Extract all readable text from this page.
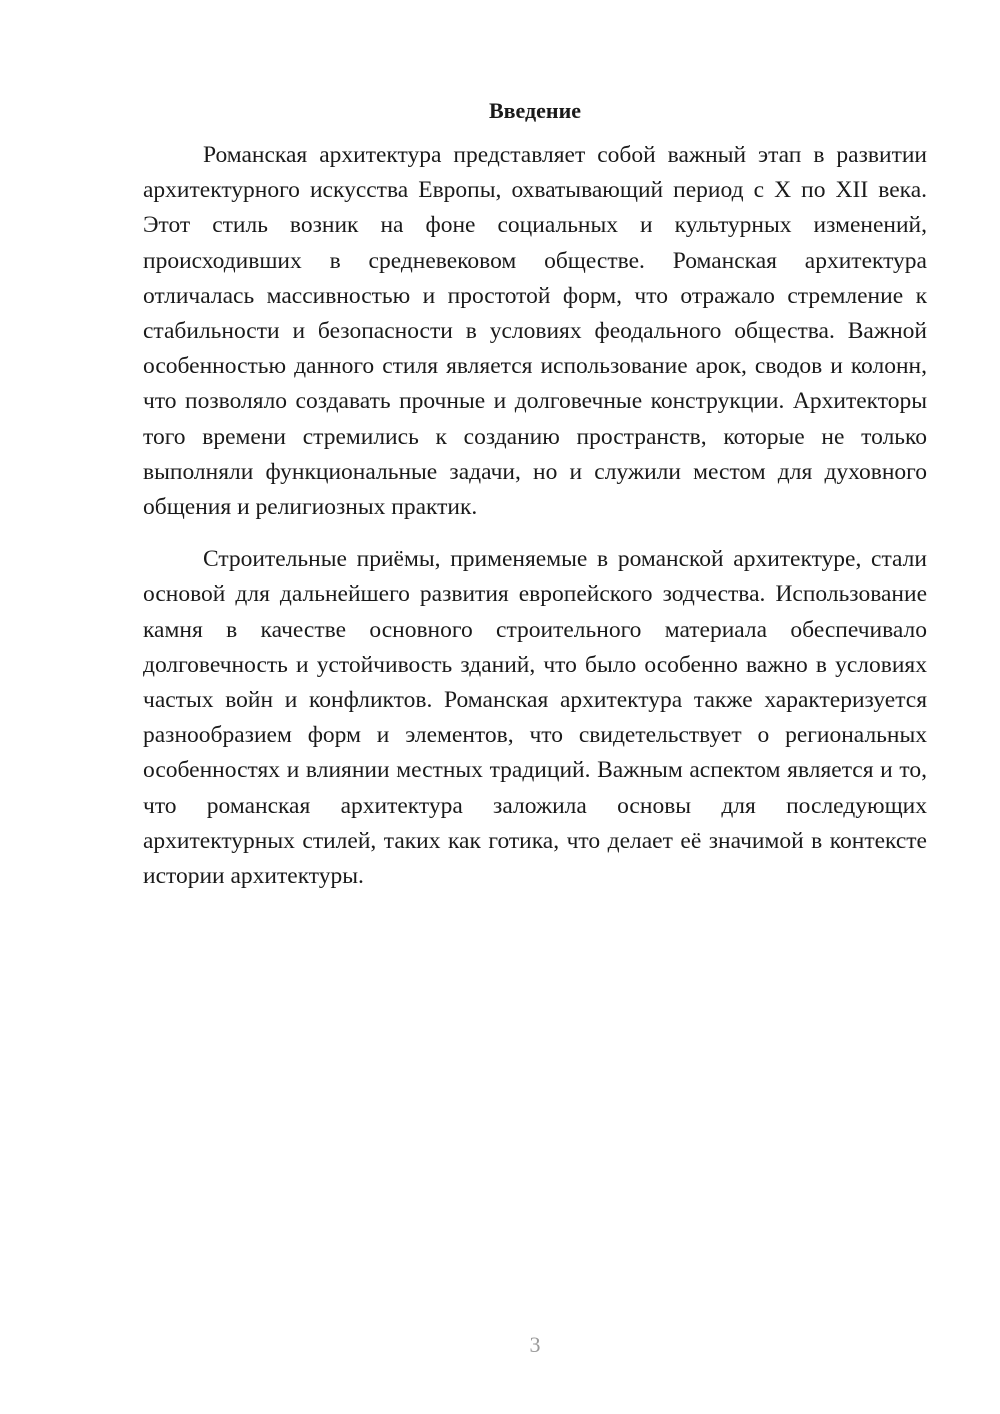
Введение

Романская архитектура представляет собой важный этап в развитии архитектурного искусства Европы, охватывающий период с X по XII века. Этот стиль возник на фоне социальных и культурных изменений, происходивших в средневековом обществе. Романская архитектура отличалась массивностью и простотой форм, что отражало стремление к стабильности и безопасности в условиях феодального общества. Важной особенностью данного стиля является использование арок, сводов и колонн, что позволяло создавать прочные и долговечные конструкции. Архитекторы того времени стремились к созданию пространств, которые не только выполняли функциональные задачи, но и служили местом для духовного общения и религиозных практик.

Строительные приёмы, применяемые в романской архитектуре, стали основой для дальнейшего развития европейского зодчества. Использование камня в качестве основного строительного материала обеспечивало долговечность и устойчивость зданий, что было особенно важно в условиях частых войн и конфликтов. Романская архитектура также характеризуется разнообразием форм и элементов, что свидетельствует о региональных особенностях и влиянии местных традиций. Важным аспектом является и то, что романская архитектура заложила основы для последующих архитектурных стилей, таких как готика, что делает её значимой в контексте истории архитектуры.

3
